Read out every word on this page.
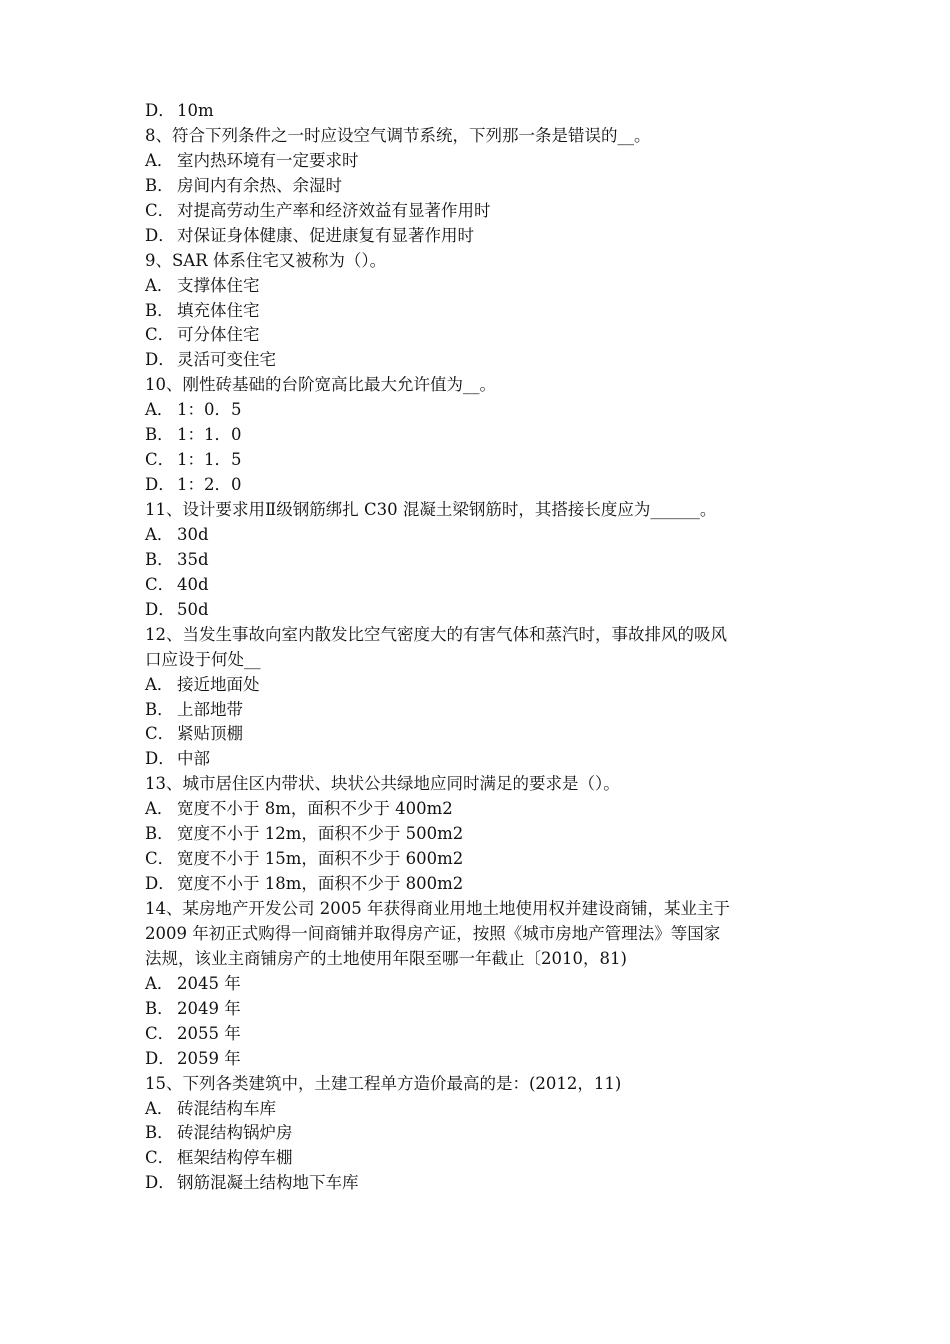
D． 10m
8、符合下列条件之一时应设空气调节系统，下列那一条是错误的__。
A． 室内热环境有一定要求时
B． 房间内有余热、余湿时
C． 对提高劳动生产率和经济效益有显著作用时
D． 对保证身体健康、促进康复有显著作用时
9、SAR 体系住宅又被称为（）。
A． 支撑体住宅
B． 填充体住宅
C． 可分体住宅
D． 灵活可变住宅
10、刚性砖基础的台阶宽高比最大允许值为__。
A． 1：0．5
B． 1：1．0
C． 1：1．5
D． 1：2．0
11、设计要求用Ⅱ级钢筋绑扎 C30 混凝土梁钢筋时，其搭接长度应为______。
A． 30d
B． 35d
C． 40d
D． 50d
12、当发生事故向室内散发比空气密度大的有害气体和蒸汽时，事故排风的吸风
口应设于何处__
A． 接近地面处
B． 上部地带
C． 紧贴顶棚
D． 中部
13、城市居住区内带状、块状公共绿地应同时满足的要求是（）。
A． 宽度不小于 8m，面积不少于 400m2
B． 宽度不小于 12m，面积不少于 500m2
C． 宽度不小于 15m，面积不少于 600m2
D． 宽度不小于 18m，面积不少于 800m2
14、某房地产开发公司 2005 年获得商业用地土地使用权并建设商铺，某业主于
2009 年初正式购得一间商铺并取得房产证，按照《城市房地产管理法》等国家
法规，该业主商铺房产的土地使用年限至哪一年截止〔2010，81)
A． 2045 年
B． 2049 年
C． 2055 年
D． 2059 年
15、下列各类建筑中，土建工程单方造价最高的是：(2012，11)
A． 砖混结构车库
B． 砖混结构锅炉房
C． 框架结构停车棚
D． 钢筋混凝土结构地下车库
